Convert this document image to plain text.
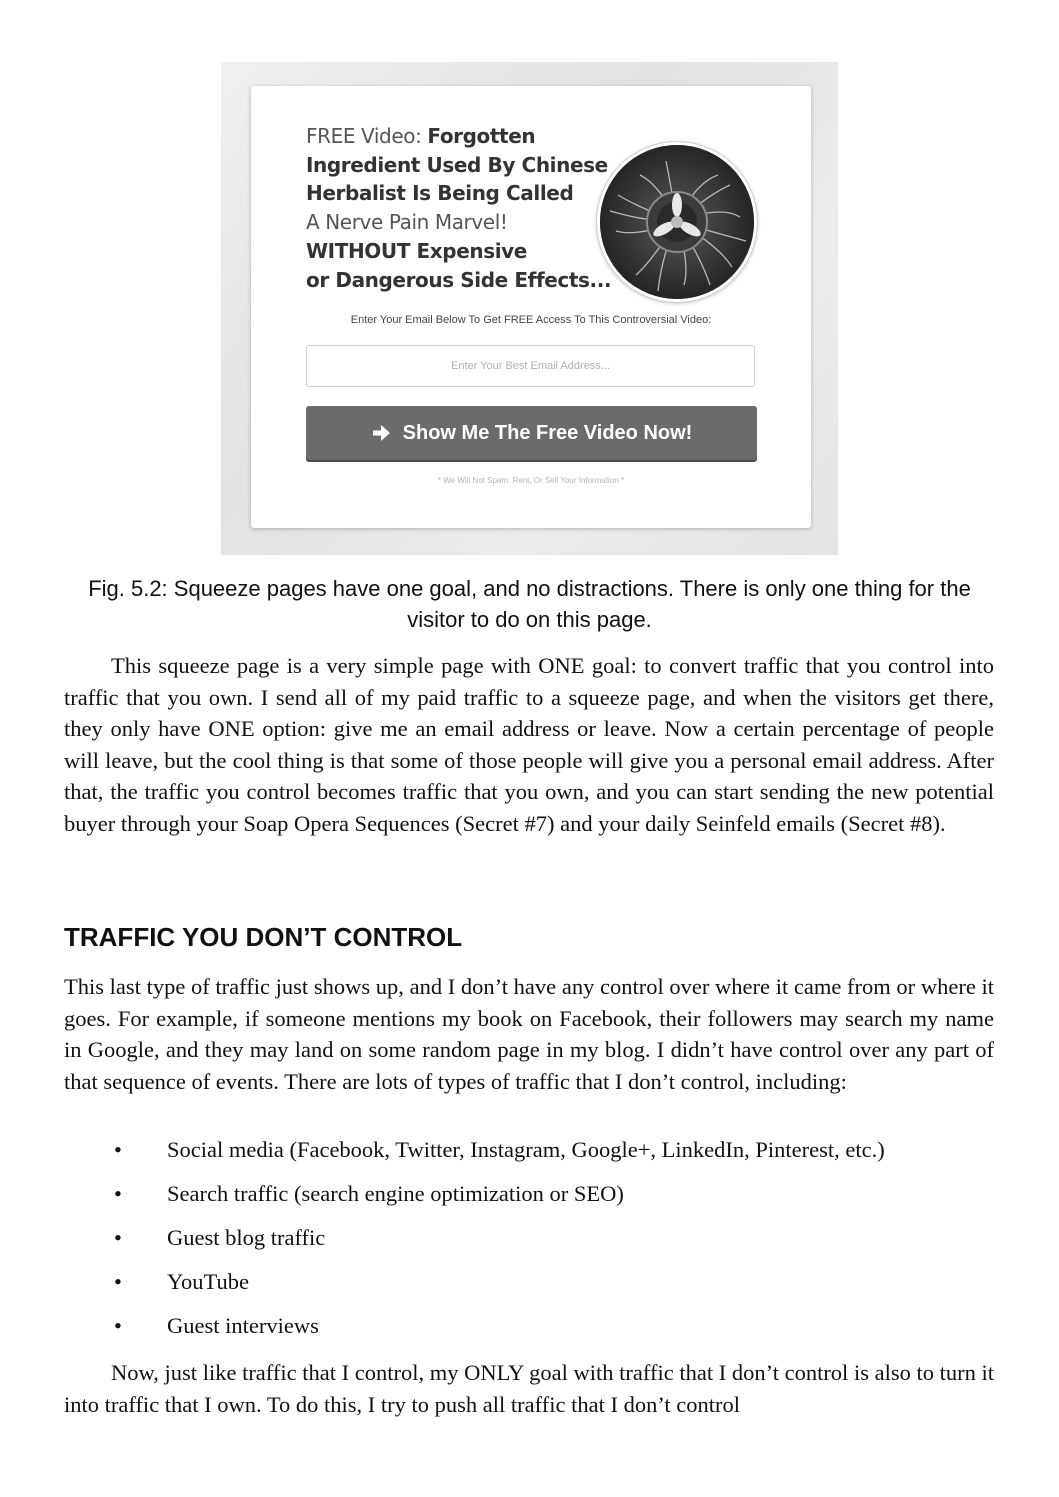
FREE Video: Forgotten
Ingredient Used By Chinese
Herbalist Is Being Called
A Nerve Pain Marvel!
WITHOUT Expensive
or Dangerous Side Effects...
Enter Your Email Below To Get FREE Access To This Controversial Video:
Enter Your Best Email Address...
Show Me The Free Video Now!
* We Will Not Spam, Rent, Or Sell Your Information *
Fig. 5.2: Squeeze pages have one goal, and no distractions. There is only one thing for the visitor to do on this page.

This squeeze page is a very simple page with ONE goal: to convert traffic that you control into traffic that you own. I send all of my paid traffic to a squeeze page, and when the visitors get there, they only have ONE option: give me an email address or leave. Now a certain percentage of people will leave, but the cool thing is that some of those people will give you a personal email address. After that, the traffic you control becomes traffic that you own, and you can start sending the new potential buyer through your Soap Opera Sequences (Secret #7) and your daily Seinfeld emails (Secret #8).

TRAFFIC YOU DON’T CONTROL

This last type of traffic just shows up, and I don’t have any control over where it came from or where it goes. For example, if someone mentions my book on Facebook, their followers may search my name in Google, and they may land on some random page in my blog. I didn’t have control over any part of that sequence of events. There are lots of types of traffic that I don’t control, including:

• Social media (Facebook, Twitter, Instagram, Google+, LinkedIn, Pinterest, etc.)
• Search traffic (search engine optimization or SEO)
• Guest blog traffic
• YouTube
• Guest interviews

Now, just like traffic that I control, my ONLY goal with traffic that I don’t control is also to turn it into traffic that I own. To do this, I try to push all traffic that I don’t control
